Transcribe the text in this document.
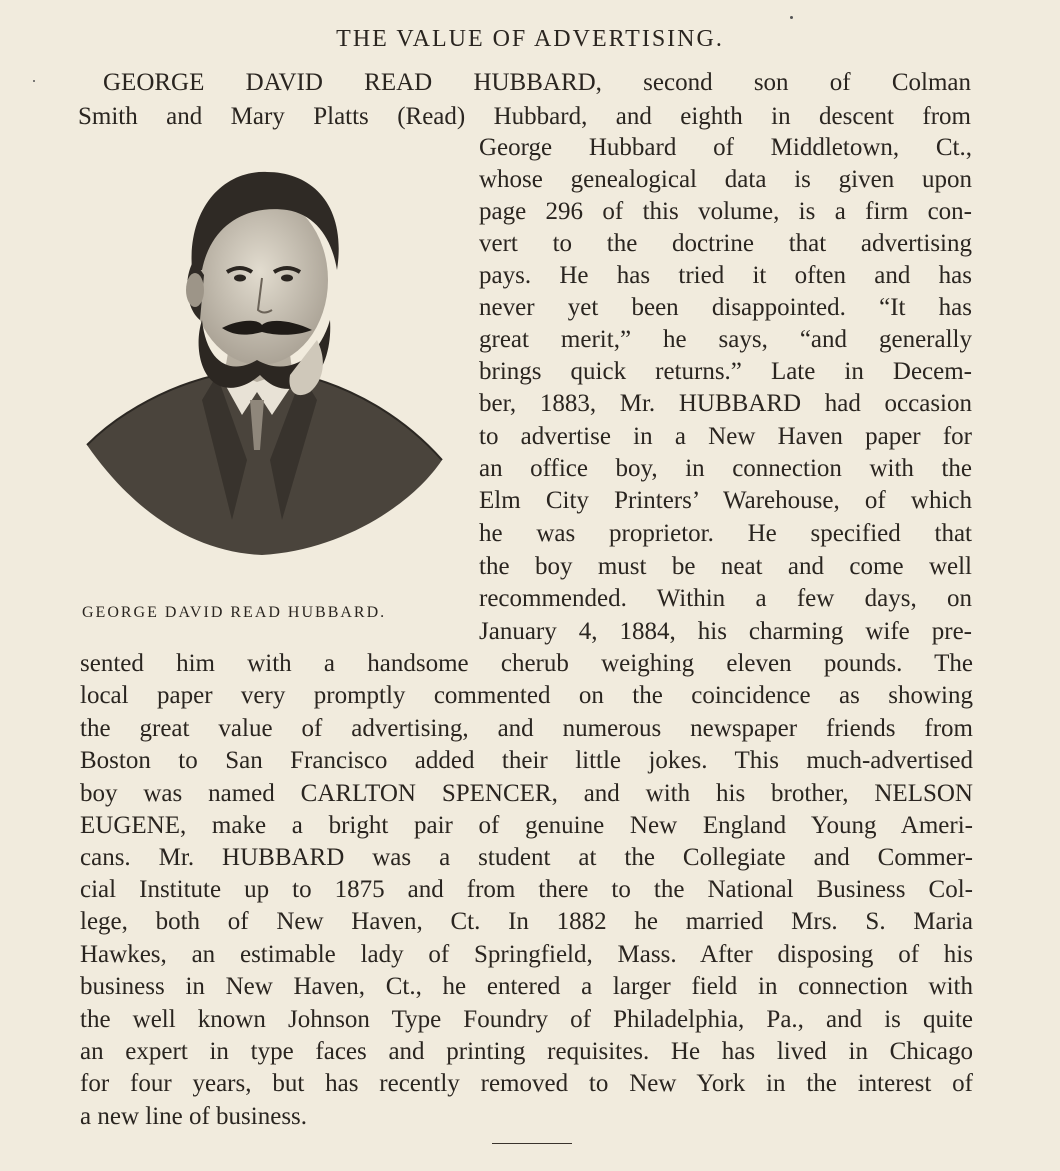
THE VALUE OF ADVERTISING.
GEORGE DAVID READ HUBBARD.
GEORGE DAVID READ HUBBARD, second son of Colman
Smith and Mary Platts (Read) Hubbard, and eighth in descent from
George Hubbard of Middletown, Ct.,
whose genealogical data is given upon
page 296 of this volume, is a firm con-
vert to the doctrine that advertising
pays. He has tried it often and has
never yet been disappointed. “It has
great merit,” he says, “and generally
brings quick returns.” Late in Decem-
ber, 1883, Mr. HUBBARD had occasion
to advertise in a New Haven paper for
an office boy, in connection with the
Elm City Printers’ Warehouse, of which
he was proprietor. He specified that
the boy must be neat and come well
recommended. Within a few days, on
January 4, 1884, his charming wife pre-
sented him with a handsome cherub weighing eleven pounds. The
local paper very promptly commented on the coincidence as showing
the great value of advertising, and numerous newspaper friends from
Boston to San Francisco added their little jokes. This much-advertised
boy was named CARLTON SPENCER, and with his brother, NELSON
EUGENE, make a bright pair of genuine New England Young Ameri-
cans. Mr. HUBBARD was a student at the Collegiate and Commer-
cial Institute up to 1875 and from there to the National Business Col-
lege, both of New Haven, Ct. In 1882 he married Mrs. S. Maria
Hawkes, an estimable lady of Springfield, Mass. After disposing of his
business in New Haven, Ct., he entered a larger field in connection with
the well known Johnson Type Foundry of Philadelphia, Pa., and is quite
an expert in type faces and printing requisites. He has lived in Chicago
for four years, but has recently removed to New York in the interest of
a new line of business.
